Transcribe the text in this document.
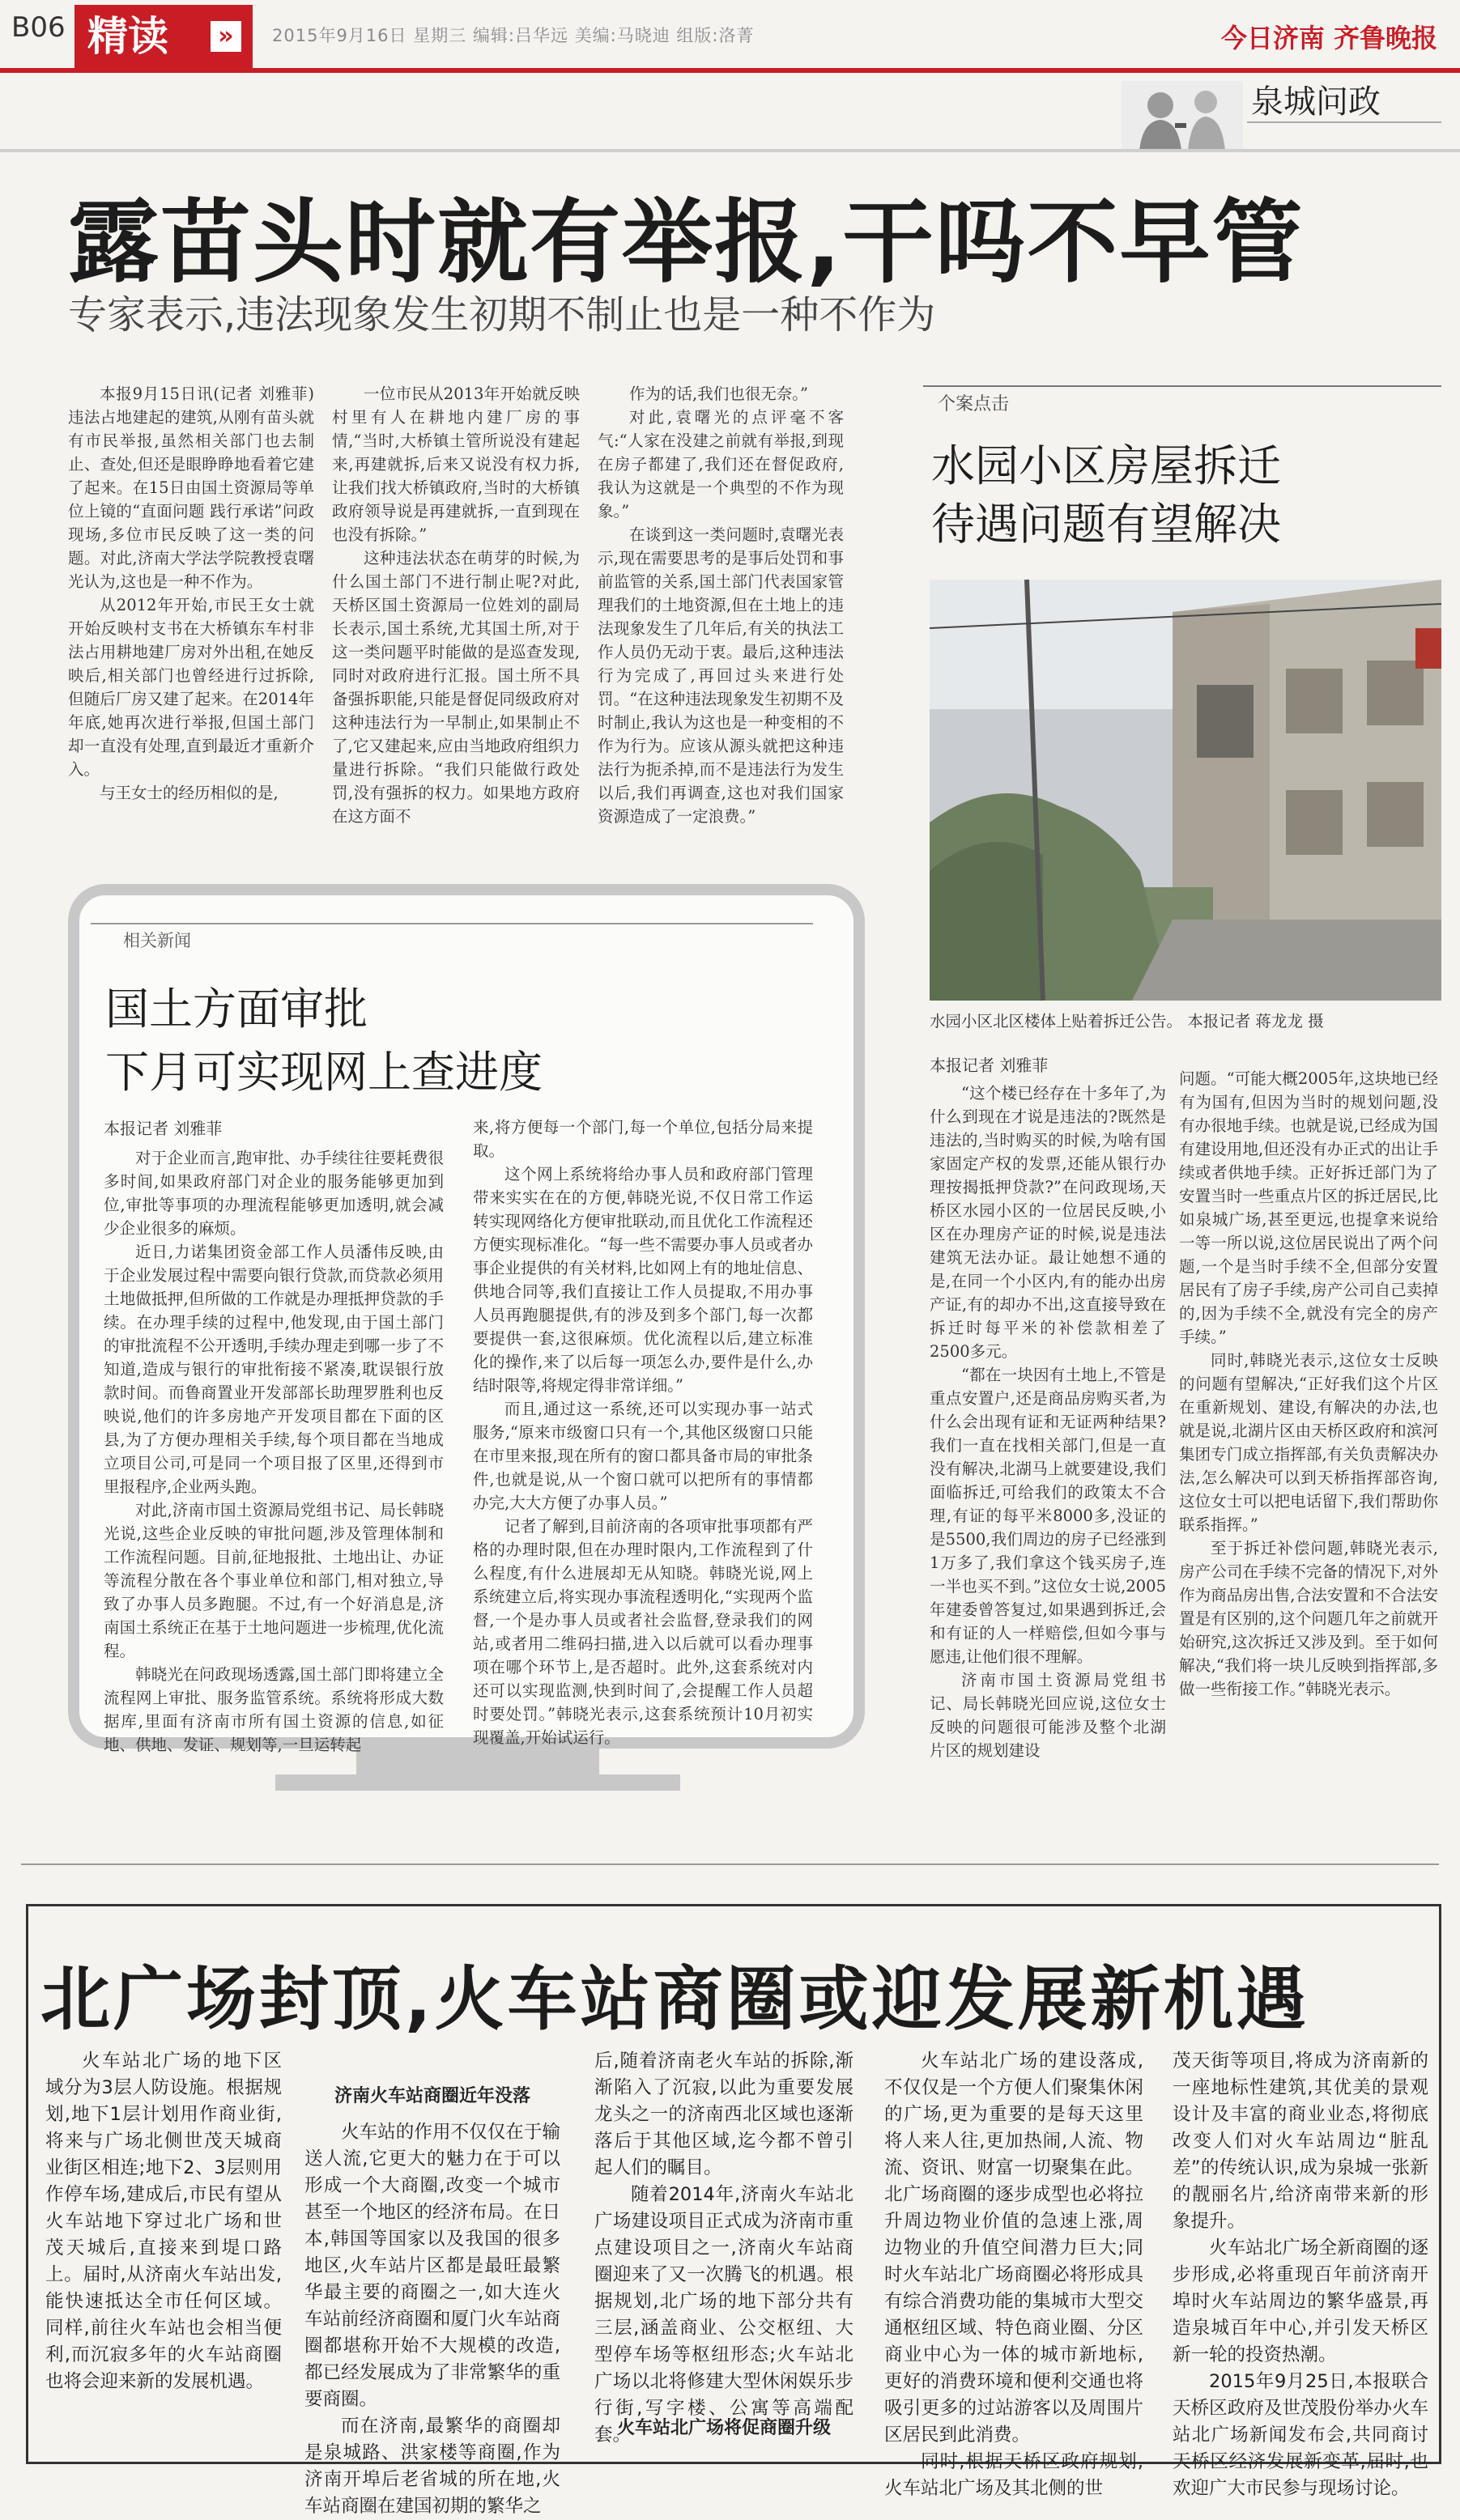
B06 精读	»	2015年9月16日 星期三 编辑:吕华远 美编:马晓迪 组版:洛菁	今日济南 齐鲁晚报
泉城问政
露苗头时就有举报,干吗不早管
专家表示,违法现象发生初期不制止也是一种不作为

本报9月15日讯(记者 刘雅菲) 违法占地建起的建筑,从刚有苗头就有市民举报,虽然相关部门也去制止、查处,但还是眼睁睁地看着它建了起来。在15日由国土资源局等单位上镜的“直面问题 践行承诺”问政现场,多位市民反映了这一类的问题。对此,济南大学法学院教授袁曙光认为,这也是一种不作为。

从2012年开始,市民王女士就开始反映村支书在大桥镇东车村非法占用耕地建厂房对外出租,在她反映后,相关部门也曾经进行过拆除,但随后厂房又建了起来。在2014年年底,她再次进行举报,但国土部门却一直没有处理,直到最近才重新介入。

与王女士的经历相似的是,

一位市民从2013年开始就反映村里有人在耕地内建厂房的事情,“当时,大桥镇土管所说没有建起来,再建就拆,后来又说没有权力拆,让我们找大桥镇政府,当时的大桥镇政府领导说是再建就拆,一直到现在也没有拆除。”

这种违法状态在萌芽的时候,为什么国土部门不进行制止呢?对此,天桥区国土资源局一位姓刘的副局长表示,国土系统,尤其国土所,对于这一类问题平时能做的是巡查发现,同时对政府进行汇报。国土所不具备强拆职能,只能是督促同级政府对这种违法行为一早制止,如果制止不了,它又建起来,应由当地政府组织力量进行拆除。“我们只能做行政处罚,没有强拆的权力。如果地方政府在这方面不

作为的话,我们也很无奈。”

对此,袁曙光的点评毫不客气:“人家在没建之前就有举报,到现在房子都建了,我们还在督促政府,我认为这就是一个典型的不作为现象。”

在谈到这一类问题时,袁曙光表示,现在需要思考的是事后处罚和事前监管的关系,国土部门代表国家管理我们的土地资源,但在土地上的违法现象发生了几年后,有关的执法工作人员仍无动于衷。最后,这种违法行为完成了,再回过头来进行处罚。“在这种违法现象发生初期不及时制止,我认为这也是一种变相的不作为行为。应该从源头就把这种违法行为扼杀掉,而不是违法行为发生以后,我们再调查,这也对我们国家资源造成了一定浪费。”

个案点击
水园小区房屋拆迁
待遇问题有望解决
水园小区北区楼体上贴着拆迁公告。 本报记者 蒋龙龙 摄
本报记者 刘雅菲

“这个楼已经存在十多年了,为什么到现在才说是违法的?既然是违法的,当时购买的时候,为啥有国家固定产权的发票,还能从银行办理按揭抵押贷款?”在问政现场,天桥区水园小区的一位居民反映,小区在办理房产证的时候,说是违法建筑无法办证。最让她想不通的是,在同一个小区内,有的能办出房产证,有的却办不出,这直接导致在拆迁时每平米的补偿款相差了2500多元。

“都在一块因有土地上,不管是重点安置户,还是商品房购买者,为什么会出现有证和无证两种结果?我们一直在找相关部门,但是一直没有解决,北湖马上就要建设,我们面临拆迁,可给我们的政策太不合理,有证的每平米8000多,没证的是5500,我们周边的房子已经涨到1万多了,我们拿这个钱买房子,连一半也买不到。”这位女士说,2005年建委曾答复过,如果遇到拆迁,会和有证的人一样赔偿,但如今事与愿违,让他们很不理解。

济南市国土资源局党组书记、局长韩晓光回应说,这位女士反映的问题很可能涉及整个北湖片区的规划建设

问题。“可能大概2005年,这块地已经有为国有,但因为当时的规划问题,没有办很地手续。也就是说,已经成为国有建设用地,但还没有办正式的出让手续或者供地手续。正好拆迁部门为了安置当时一些重点片区的拆迁居民,比如泉城广场,甚至更远,也提拿来说给一等一所以说,这位居民说出了两个问题,一个是当时手续不全,但部分安置居民有了房子手续,房产公司自己卖掉的,因为手续不全,就没有完全的房产手续。”

同时,韩晓光表示,这位女士反映的问题有望解决,“正好我们这个片区在重新规划、建设,有解决的办法,也就是说,北湖片区由天桥区政府和滨河集团专门成立指挥部,有关负责解决办法,怎么解决可以到天桥指挥部咨询,这位女士可以把电话留下,我们帮助你联系指挥。”

至于拆迁补偿问题,韩晓光表示,房产公司在手续不完备的情况下,对外作为商品房出售,合法安置和不合法安置是有区别的,这个问题几年之前就开始研究,这次拆迁又涉及到。至于如何解决,“我们将一块儿反映到指挥部,多做一些衔接工作。”韩晓光表示。

相关新闻
国土方面审批
下月可实现网上查进度
本报记者 刘雅菲

对于企业而言,跑审批、办手续往往要耗费很多时间,如果政府部门对企业的服务能够更加到位,审批等事项的办理流程能够更加透明,就会减少企业很多的麻烦。

近日,力诺集团资金部工作人员潘伟反映,由于企业发展过程中需要向银行贷款,而贷款必须用土地做抵押,但所做的工作就是办理抵押贷款的手续。在办理手续的过程中,他发现,由于国土部门的审批流程不公开透明,手续办理走到哪一步了不知道,造成与银行的审批衔接不紧凑,耽误银行放款时间。而鲁商置业开发部部长助理罗胜利也反映说,他们的许多房地产开发项目都在下面的区县,为了方便办理相关手续,每个项目都在当地成立项目公司,可是同一个项目报了区里,还得到市里报程序,企业两头跑。

对此,济南市国土资源局党组书记、局长韩晓光说,这些企业反映的审批问题,涉及管理体制和工作流程问题。目前,征地报批、土地出让、办证等流程分散在各个事业单位和部门,相对独立,导致了办事人员多跑腿。不过,有一个好消息是,济南国土系统正在基于土地问题进一步梳理,优化流程。

韩晓光在问政现场透露,国土部门即将建立全流程网上审批、服务监管系统。系统将形成大数据库,里面有济南市所有国土资源的信息,如征地、供地、发证、规划等,一旦运转起

来,将方便每一个部门,每一个单位,包括分局来提取。

这个网上系统将给办事人员和政府部门管理带来实实在在的方便,韩晓光说,不仅日常工作运转实现网络化方便审批联动,而且优化工作流程还方便实现标准化。“每一些不需要办事人员或者办事企业提供的有关材料,比如网上有的地址信息、供地合同等,我们直接让工作人员提取,不用办事人员再跑腿提供,有的涉及到多个部门,每一次都要提供一套,这很麻烦。优化流程以后,建立标准化的操作,来了以后每一项怎么办,要件是什么,办结时限等,将规定得非常详细。”

而且,通过这一系统,还可以实现办事一站式服务,“原来市级窗口只有一个,其他区级窗口只能在市里来报,现在所有的窗口都具备市局的审批条件,也就是说,从一个窗口就可以把所有的事情都办完,大大方便了办事人员。”

记者了解到,目前济南的各项审批事项都有严格的办理时限,但在办理时限内,工作流程到了什么程度,有什么进展却无从知晓。韩晓光说,网上系统建立后,将实现办事流程透明化,“实现两个监督,一个是办事人员或者社会监督,登录我们的网站,或者用二维码扫描,进入以后就可以看办理事项在哪个环节上,是否超时。此外,这套系统对内还可以实现监测,快到时间了,会提醒工作人员超时要处罚。”韩晓光表示,这套系统预计10月初实现覆盖,开始试运行。

北广场封顶,火车站商圈或迎发展新机遇

火车站北广场的地下区域分为3层人防设施。根据规划,地下1层计划用作商业街,将来与广场北侧世茂天城商业街区相连;地下2、3层则用作停车场,建成后,市民有望从火车站地下穿过北广场和世茂天城后,直接来到堤口路上。届时,从济南火车站出发,能快速抵达全市任何区域。同样,前往火车站也会相当便利,而沉寂多年的火车站商圈也将会迎来新的发展机遇。

济南火车站商圈近年没落

火车站的作用不仅仅在于输送人流,它更大的魅力在于可以形成一个大商圈,改变一个城市甚至一个地区的经济布局。在日本,韩国等国家以及我国的很多地区,火车站片区都是最旺最繁华最主要的商圈之一,如大连火车站前经济商圈和厦门火车站商圈都堪称开始不大规模的改造,都已经发展成为了非常繁华的重要商圈。

而在济南,最繁华的商圈却是泉城路、洪家楼等商圈,作为济南开埠后老省城的所在地,火车站商圈在建国初期的繁华之

后,随着济南老火车站的拆除,渐渐陷入了沉寂,以此为重要发展龙头之一的济南西北区域也逐渐落后于其他区域,迄今都不曾引起人们的瞩目。

随着2014年,济南火车站北广场建设项目正式成为济南市重点建设项目之一,济南火车站商圈迎来了又一次腾飞的机遇。根据规划,北广场的地下部分共有三层,涵盖商业、公交枢纽、大型停车场等枢纽形态;火车站北广场以北将修建大型休闲娱乐步行街,写字楼、公寓等高端配套。

火车站北广场将促商圈升级

火车站北广场的建设落成,不仅仅是一个方便人们聚集休闲的广场,更为重要的是每天这里将人来人往,更加热闹,人流、物流、资讯、财富一切聚集在此。北广场商圈的逐步成型也必将拉升周边物业价值的急速上涨,周边物业的升值空间潜力巨大;同时火车站北广场商圈必将形成具有综合消费功能的集城市大型交通枢纽区域、特色商业圈、分区商业中心为一体的城市新地标,更好的消费环境和便利交通也将吸引更多的过站游客以及周围片区居民到此消费。

同时,根据天桥区政府规划,火车站北广场及其北侧的世

茂天街等项目,将成为济南新的一座地标性建筑,其优美的景观设计及丰富的商业业态,将彻底改变人们对火车站周边“脏乱差”的传统认识,成为泉城一张新的靓丽名片,给济南带来新的形象提升。

火车站北广场全新商圈的逐步形成,必将重现百年前济南开埠时火车站周边的繁华盛景,再造泉城百年中心,并引发天桥区新一轮的投资热潮。

2015年9月25日,本报联合天桥区政府及世茂股份举办火车站北广场新闻发布会,共同商讨天桥区经济发展新变革,届时,也欢迎广大市民参与现场讨论。
